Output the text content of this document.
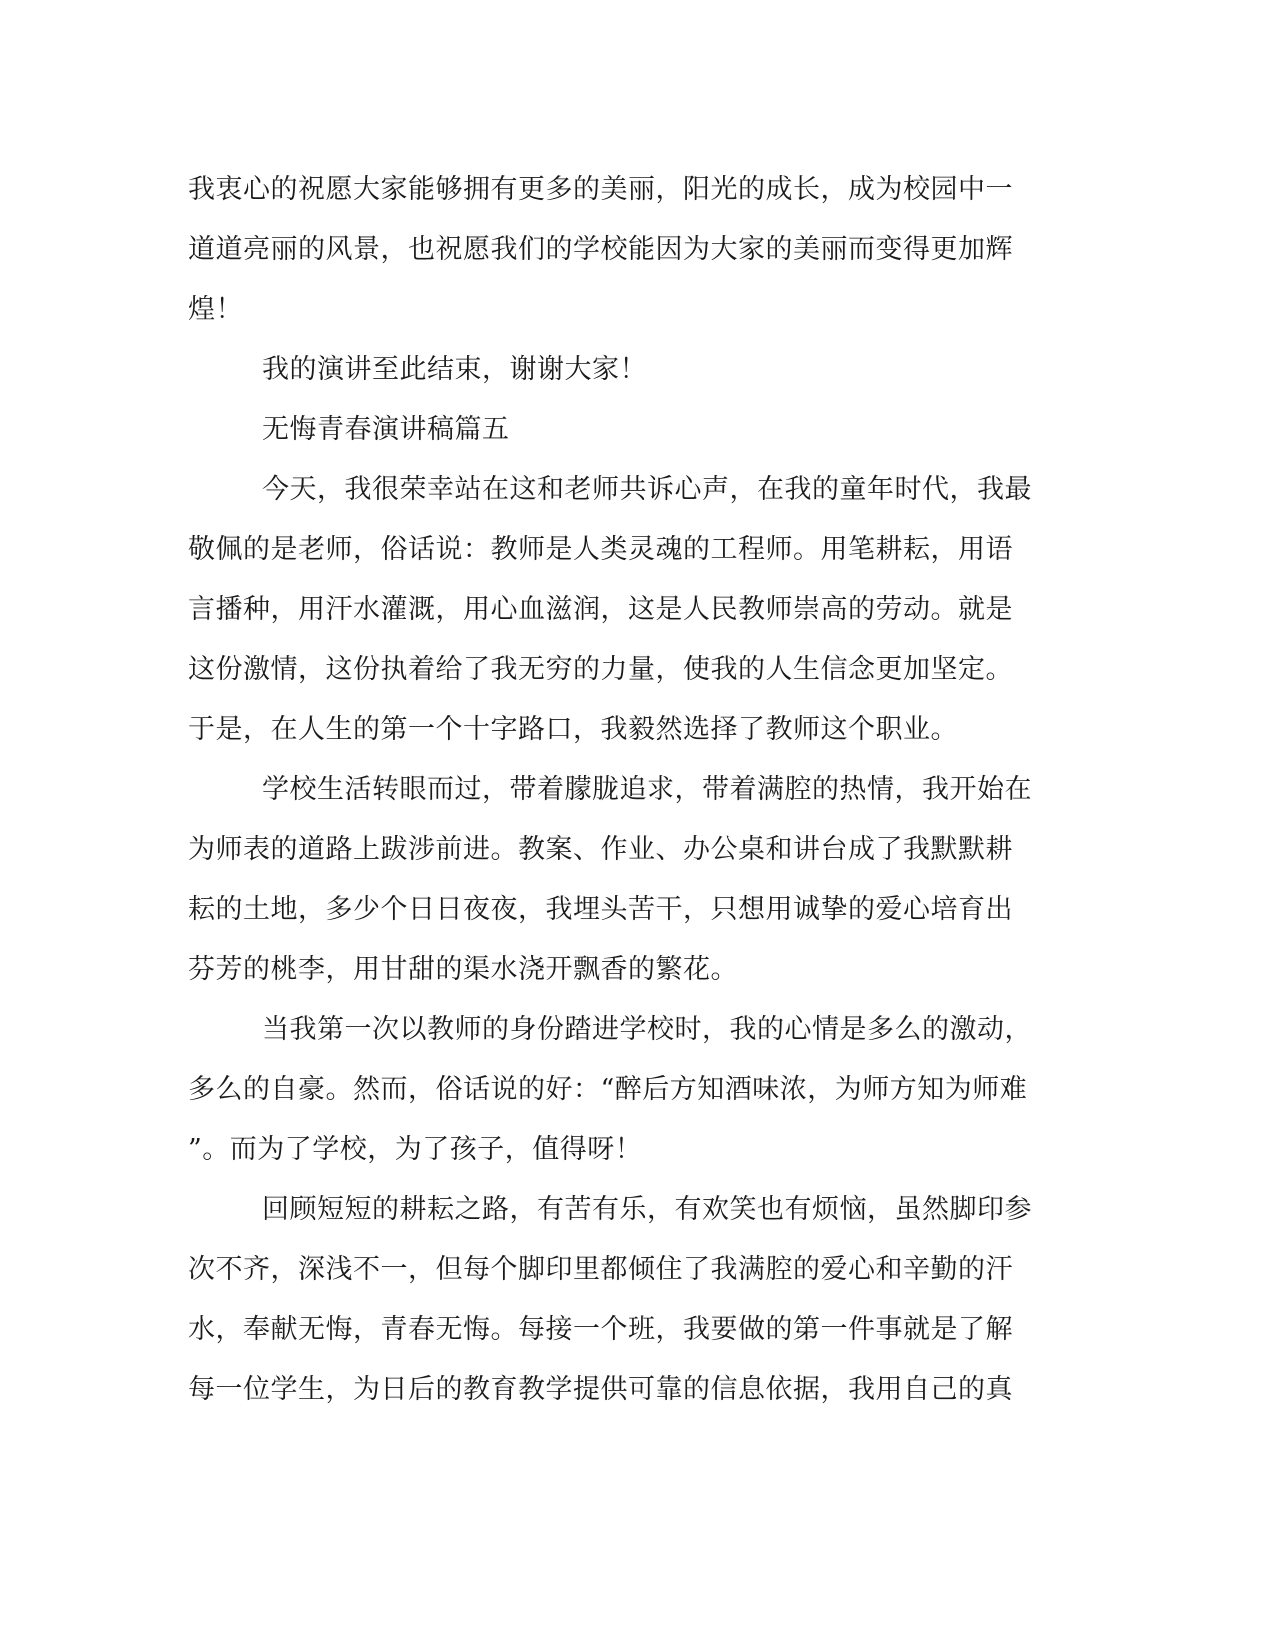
我衷心的祝愿大家能够拥有更多的美丽，阳光的成长，成为校园中一
道道亮丽的风景，也祝愿我们的学校能因为大家的美丽而变得更加辉
煌！
我的演讲至此结束，谢谢大家！
无悔青春演讲稿篇五
今天，我很荣幸站在这和老师共诉心声，在我的童年时代，我最
敬佩的是老师，俗话说：教师是人类灵魂的工程师。用笔耕耘，用语
言播种，用汗水灌溉，用心血滋润，这是人民教师崇高的劳动。就是
这份激情，这份执着给了我无穷的力量，使我的人生信念更加坚定。
于是，在人生的第一个十字路口，我毅然选择了教师这个职业。
学校生活转眼而过，带着朦胧追求，带着满腔的热情，我开始在
为师表的道路上跋涉前进。教案、作业、办公桌和讲台成了我默默耕
耘的土地，多少个日日夜夜，我埋头苦干，只想用诚挚的爱心培育出
芬芳的桃李，用甘甜的渠水浇开飘香的繁花。
当我第一次以教师的身份踏进学校时，我的心情是多么的激动，
多么的自豪。然而，俗话说的好：“醉后方知酒味浓，为师方知为师难
”。而为了学校，为了孩子，值得呀！
回顾短短的耕耘之路，有苦有乐，有欢笑也有烦恼，虽然脚印参
次不齐，深浅不一，但每个脚印里都倾住了我满腔的爱心和辛勤的汗
水，奉献无悔，青春无悔。每接一个班，我要做的第一件事就是了解
每一位学生，为日后的教育教学提供可靠的信息依据，我用自己的真
